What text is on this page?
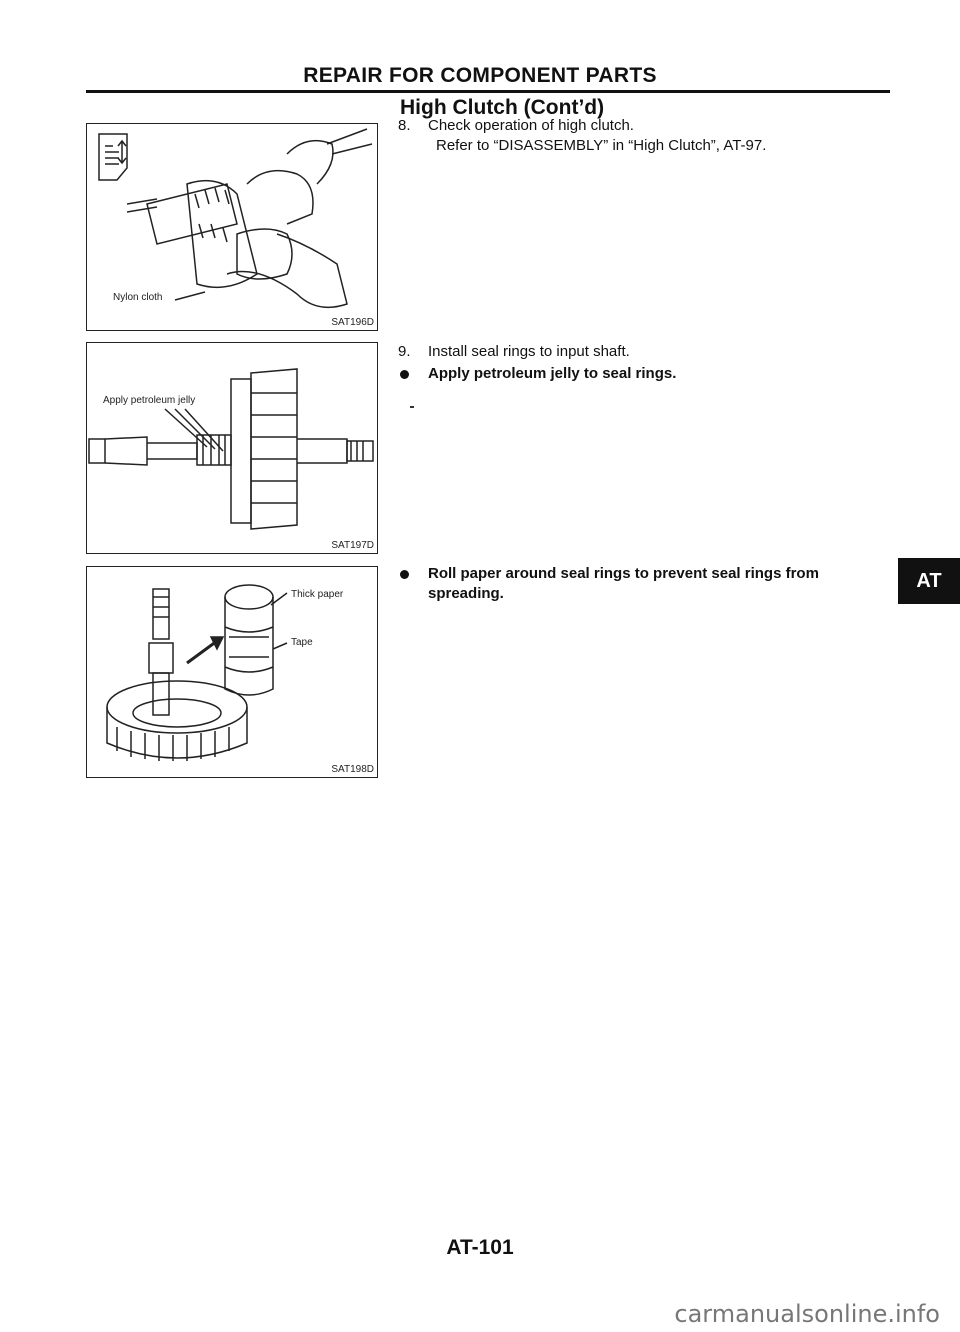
REPAIR FOR COMPONENT PARTS
High Clutch (Cont’d)
Nylon cloth
SAT196D
8. Check operation of high clutch.
Refer to “DISASSEMBLY” in “High Clutch”, AT-97.
Apply petroleum jelly
SAT197D
9. Install seal rings to input shaft.
Apply petroleum jelly to seal rings.
Thick paper
Tape
SAT198D
Roll paper around seal rings to prevent seal rings from spreading.
AT
AT-101
carmanualsonline.info
